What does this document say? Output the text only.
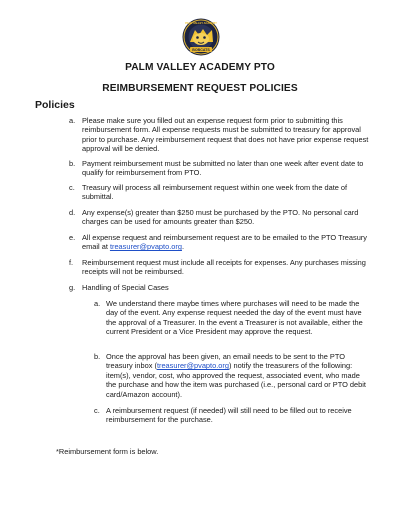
BOBCATS
PALM VALLEY ACADEMY
PALM VALLEY ACADEMY PTO
REIMBURSEMENT REQUEST POLICIES
Policies
a. Please make sure you filled out an expense request form prior to submitting this reimbursement form. All expense requests must be submitted to treasury for approval prior to purchase. Any reimbursement request that does not have prior expense request approval will be denied.
b. Payment reimbursement must be submitted no later than one week after event date to qualify for reimbursement from PTO.
c. Treasury will process all reimbursement request within one week from the date of submittal.
d. Any expense(s) greater than $250 must be purchased by the PTO. No personal card charges can be used for amounts greater than $250.
e. All expense request and reimbursement request are to be emailed to the PTO Treasury email at treasurer@pvapto.org.
f. Reimbursement request must include all receipts for expenses. Any purchases missing receipts will not be reimbursed.
g. Handling of Special Cases
a. We understand there maybe times where purchases will need to be made the day of the event. Any expense request needed the day of the event must have the approval of a Treasurer. In the event a Treasurer is not available, either the current President or a Vice President may approve the request.
b. Once the approval has been given, an email needs to be sent to the PTO treasury inbox (treasurer@pvapto.org) notify the treasurers of the following: item(s), vendor, cost, who approved the request, associated event, who made the purchase and how the item was purchased (i.e., personal card or PTO debit card/Amazon account).
c. A reimbursement request (if needed) will still need to be filled out to receive reimbursement for the purchase.
*Reimbursement form is below.
